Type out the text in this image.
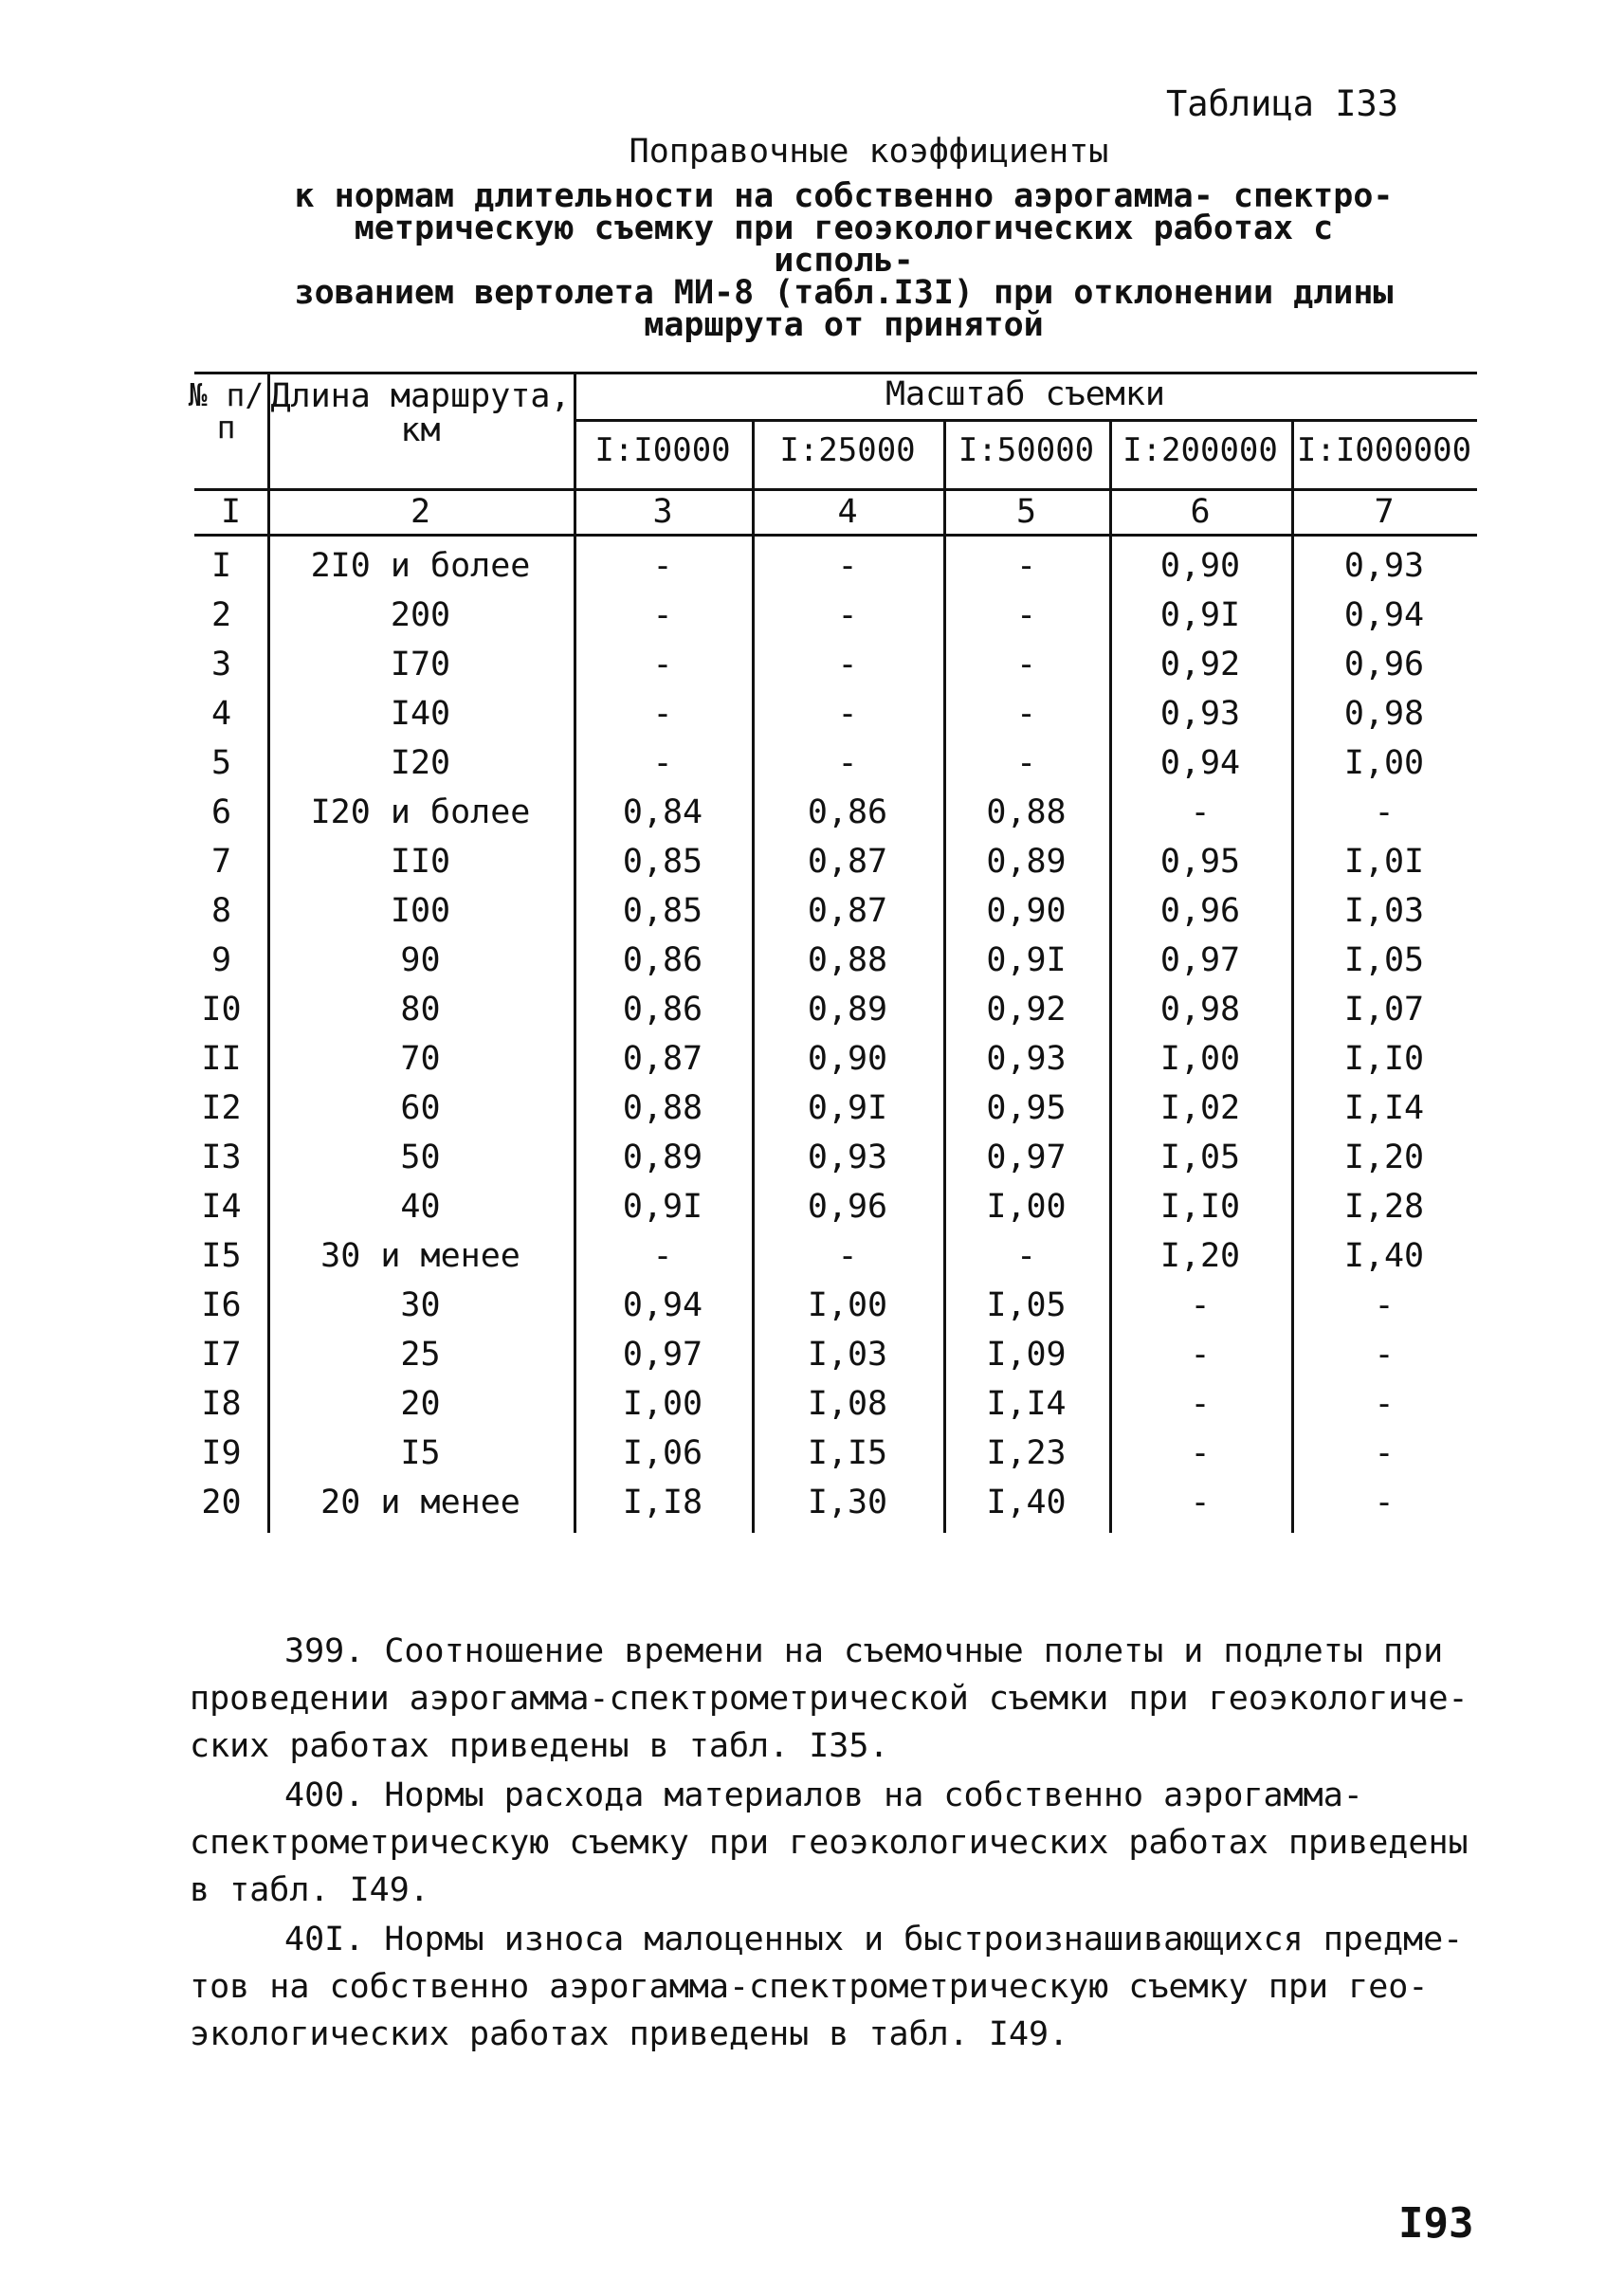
Таблица I33
Поправочные коэффициенты
к нормам длительности на собственно аэрогамма- спектро-
метрическую съемку при геоэкологических работах с исполь-
зованием вертолета МИ-8 (табл.I3I) при отклонении длины
маршрута от принятой
№ п/п
Длина маршрута, км
Масштаб съемки
I:I0000	I:25000	I:50000 I:200000 I:I000000
I	2	3	4	5	6	7
I	2I0 и более	-	-	-	0,90	0,93
2	200	-	-	-	0,9I	0,94
3	I70	-	-	-	0,92	0,96
4	I40	-	-	-	0,93	0,98
5	I20	-	-	-	0,94	I,00
6	I20 и более	0,84	0,86	0,88	-	-
7	II0	0,85	0,87	0,89	0,95	I,0I
8	I00	0,85	0,87	0,90	0,96	I,03
9	90	0,86	0,88	0,9I	0,97	I,05
I0	80	0,86	0,89	0,92	0,98	I,07
II	70	0,87	0,90	0,93	I,00	I,I0
I2	60	0,88	0,9I	0,95	I,02	I,I4
I3	50	0,89	0,93	0,97	I,05	I,20
I4	40	0,9I	0,96	I,00	I,I0	I,28
I5	30 и менее	-	-	-	I,20	I,40
I6	30	0,94	I,00	I,05	-	-
I7	25	0,97	I,03	I,09	-	-
I8	20	I,00	I,08	I,I4	-	-
I9	I5	I,06	I,I5	I,23	-	-
20	20 и менее	I,I8	I,30	I,40	-	-
399. Соотношение времени на съемочные полеты и подлеты при
проведении аэрогамма-спектрометрической съемки при геоэкологиче-
ских работах приведены в табл. I35.
400. Нормы расхода материалов на собственно аэрогамма-
спектрометрическую съемку при геоэкологических работах приведены
в табл. I49.
40I. Нормы износа малоценных и быстроизнашивающихся предме-
тов на собственно аэрогамма-спектрометрическую съемку при гео-
экологических работах приведены в табл. I49.
I93
